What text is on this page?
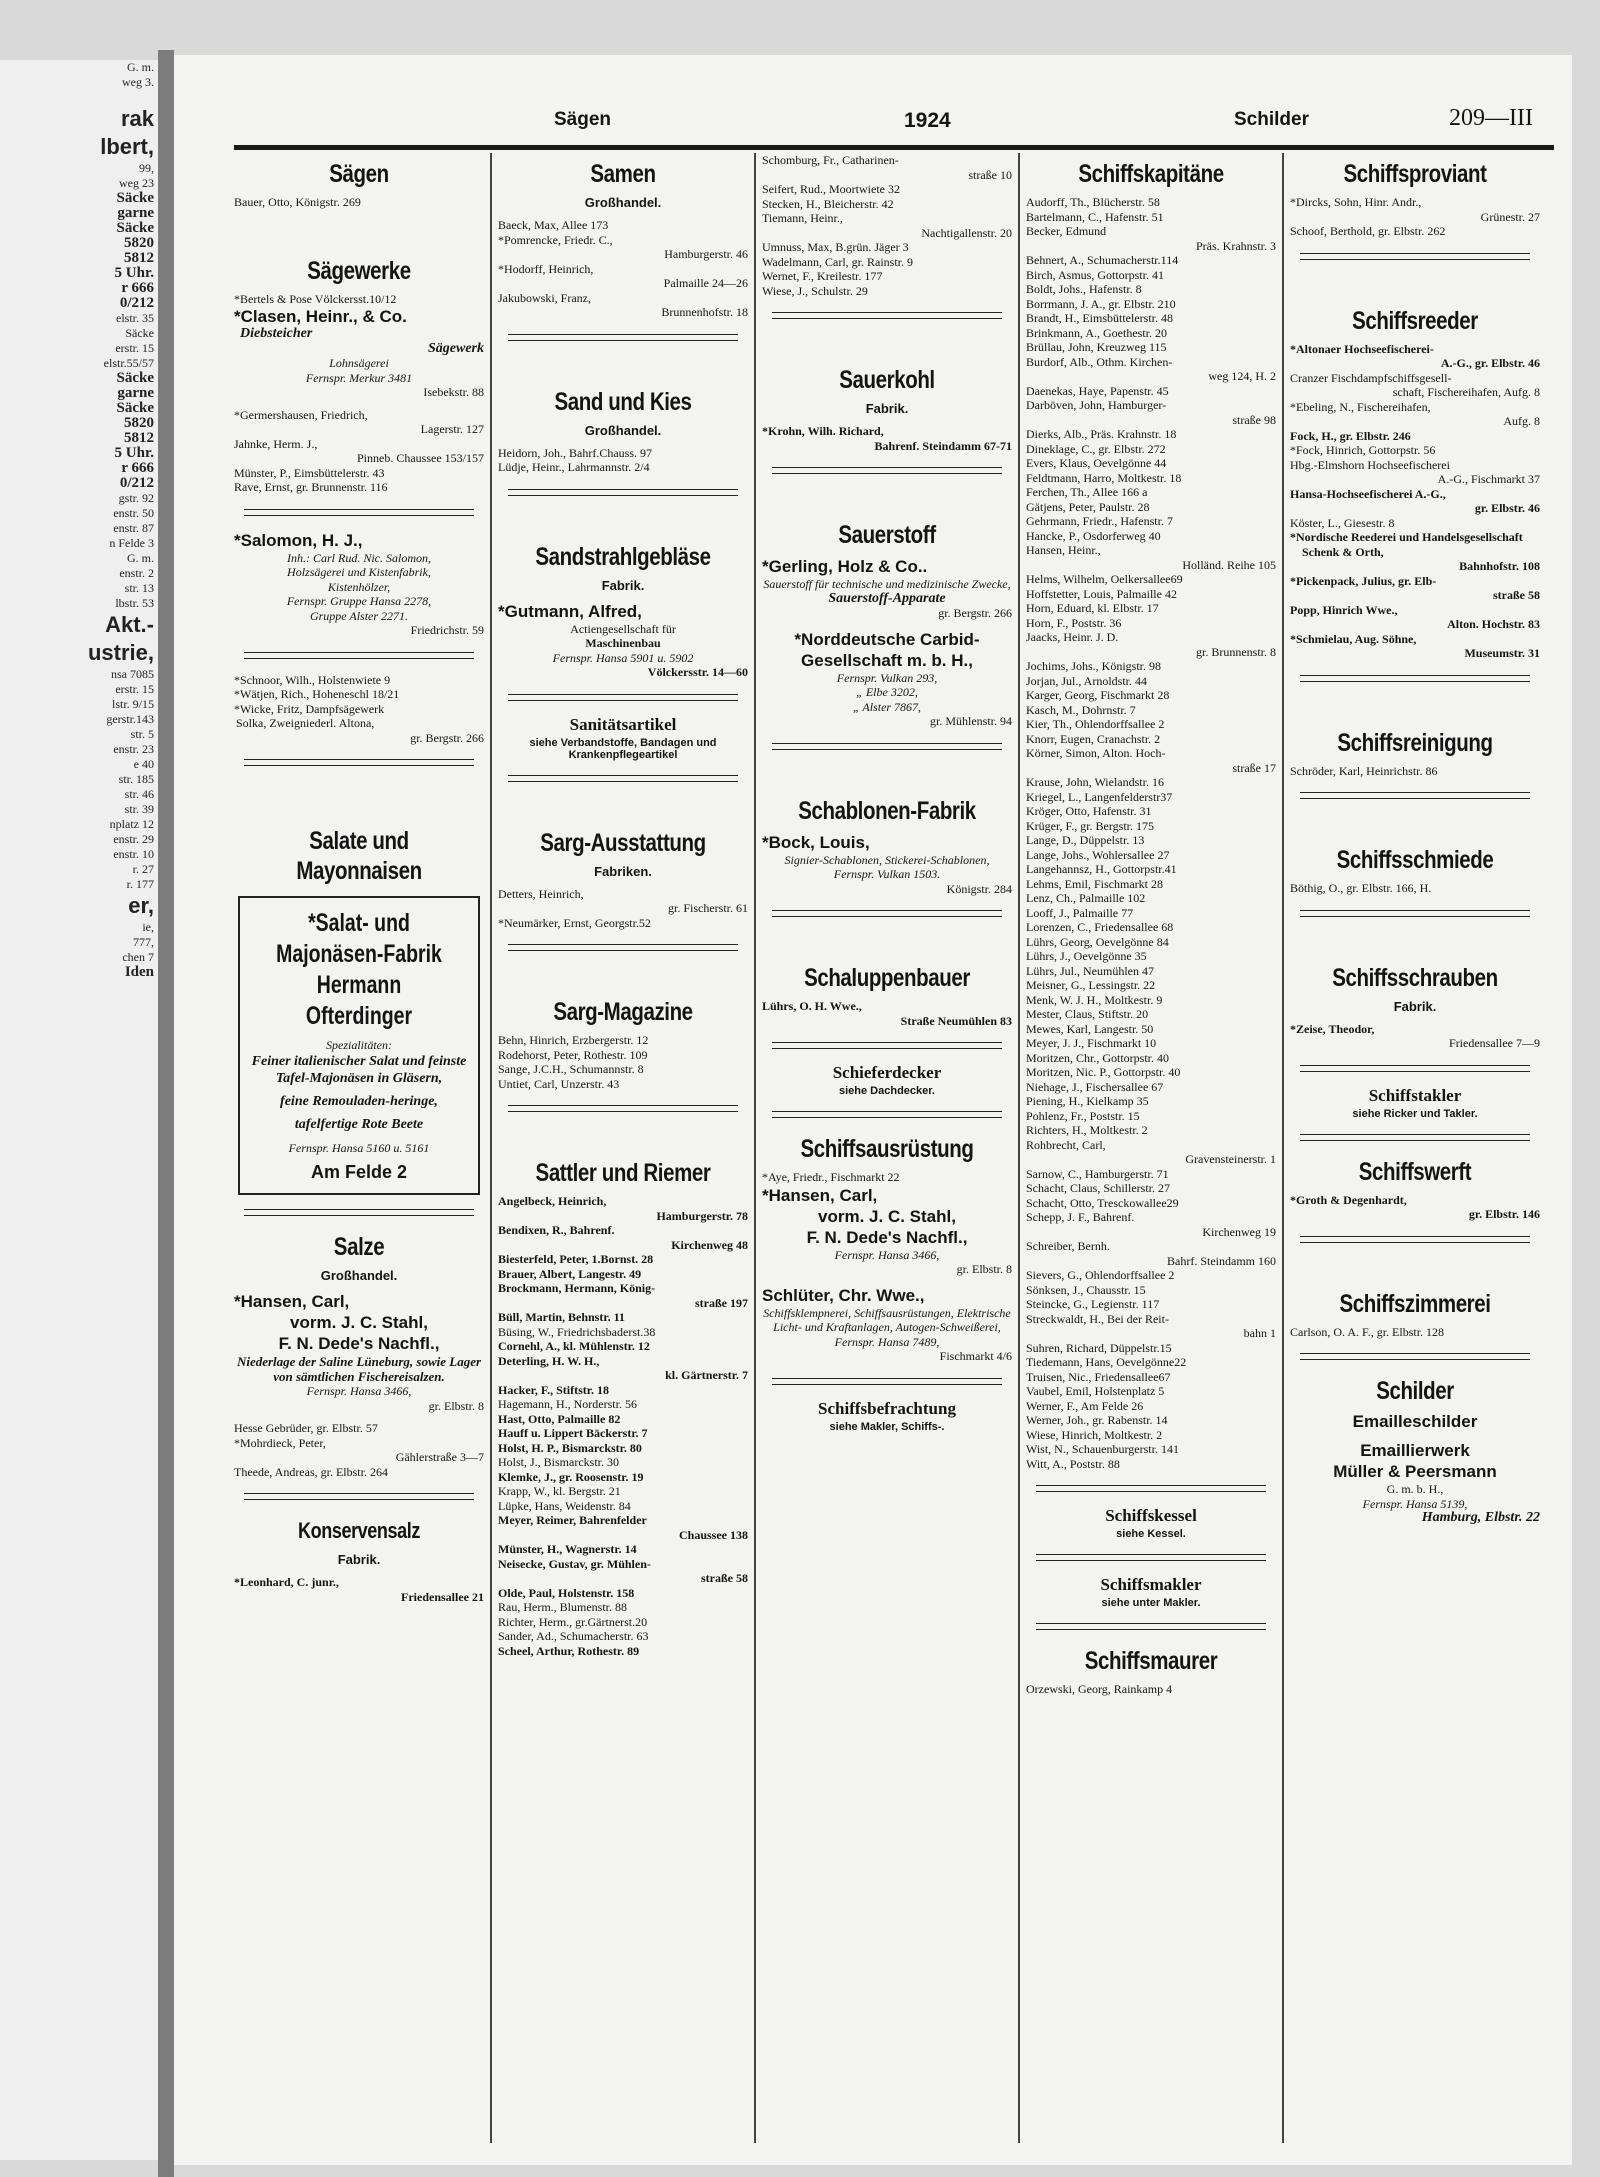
G. m.
weg 3.

rak
lbert,
99,
weg 23
Säcke
garne
Säcke
5820
5812
5 Uhr.
r 666
0/212
elstr. 35
Säcke
erstr. 15
elstr.55/57
Säcke
garne
Säcke
5820
5812
5 Uhr.
r 666
0/212
gstr. 92
enstr. 50
enstr. 87
n Felde 3
G. m.
enstr. 2
str. 13
lbstr. 53
Akt.-
ustrie,
nsa 7085
erstr. 15
lstr. 9/15
gerstr.143
str. 5
enstr. 23
e 40
str. 185
str. 46
str. 39
nplatz 12
enstr. 29
enstr. 10
r. 27
r. 177
er,
ie,
777,
chen 7
Iden
Sägen	1924	Schilder	209—III
Sägen
Bauer, Otto, Königstr. 269
Sägewerke
*Bertels & Pose Völckersst.10/12
*Clasen, Heinr., & Co.
Diebsteicher
Sägewerk
Lohnsägerei
Fernspr. Merkur 3481
Isebekstr. 88
*Germershausen, Friedrich,
Lagerstr. 127
Jahnke, Herm. J.,
Pinneb. Chaussee 153/157
Münster, P., Eimsbüttelerstr. 43
Rave, Ernst, gr. Brunnenstr. 116
*Salomon, H. J.,
Inh.: Carl Rud. Nic. Salomon,
Holzsägerei und Kistenfabrik,
Kistenhölzer,
Fernspr. Gruppe Hansa 2278,
Gruppe Alster 2271.
Friedrichstr. 59
*Schnoor, Wilh., Holstenwiete 9
*Wätjen, Rich., Hoheneschl 18/21
*Wicke, Fritz, Dampfsägewerk
Solka, Zweigniederl. Altona,
gr. Bergstr. 266
Salate und Mayonnaisen
*Salat- und
Majonäsen-Fabrik
Hermann Ofterdinger
Spezialitäten:
Feiner italienischer Salat und feinste Tafel-Majonäsen in Gläsern,
feine Remouladen-heringe,
tafelfertige Rote Beete
Fernspr. Hansa 5160 u. 5161
Am Felde 2
Salze
Großhandel.
*Hansen, Carl,
vorm. J. C. Stahl,
F. N. Dede's Nachfl.,
Niederlage der Saline Lüneburg, sowie Lager von sämtlichen Fischereisalzen.
Fernspr. Hansa 3466,
gr. Elbstr. 8
Hesse Gebrüder, gr. Elbstr. 57
*Mohrdieck, Peter,
Gählerstraße 3—7
Theede, Andreas, gr. Elbstr. 264
Konservensalz
Fabrik.
*Leonhard, C. junr.,
Friedensallee 21
Samen
Großhandel.
Baeck, Max, Allee 173
*Pomrencke, Friedr. C.,
Hamburgerstr. 46
*Hodorff, Heinrich,
Palmaille 24—26
Jakubowski, Franz,
Brunnenhofstr. 18
Sand und Kies
Großhandel.
Heidorn, Joh., Bahrf.Chauss. 97
Lüdje, Heinr., Lahrmannstr. 2/4
Sandstrahlgebläse
Fabrik.
*Gutmann, Alfred,
Actiengesellschaft für
Maschinenbau
Fernspr. Hansa 5901 u. 5902
Völckersstr. 14—60
Sanitätsartikel
siehe Verbandstoffe, Bandagen und Krankenpflegeartikel
Sarg-Ausstattung
Fabriken.
Detters, Heinrich,
gr. Fischerstr. 61
*Neumärker, Ernst, Georgstr.52
Sarg-Magazine
Behn, Hinrich, Erzbergerstr. 12
Rodehorst, Peter, Rothestr. 109
Sange, J.C.H., Schumannstr. 8
Untiet, Carl, Unzerstr. 43
Sattler und Riemer
Angelbeck, Heinrich,
Hamburgerstr. 78
Bendixen, R., Bahrenf.
Kirchenweg 48
Biesterfeld, Peter, 1.Bornst. 28
Brauer, Albert, Langestr. 49
Brockmann, Hermann, König-
straße 197
Büll, Martin, Behnstr. 11
Büsing, W., Friedrichsbaderst.38
Cornehl, A., kl. Mühlenstr. 12
Deterling, H. W. H.,
kl. Gärtnerstr. 7
Hacker, F., Stiftstr. 18
Hagemann, H., Norderstr. 56
Hast, Otto, Palmaille 82
Hauff u. Lippert Bäckerstr. 7
Holst, H. P., Bismarckstr. 80
Holst, J., Bismarckstr. 30
Klemke, J., gr. Roosenstr. 19
Krapp, W., kl. Bergstr. 21
Lüpke, Hans, Weidenstr. 84
Meyer, Reimer, Bahrenfelder
Chaussee 138
Münster, H., Wagnerstr. 14
Neisecke, Gustav, gr. Mühlen-
straße 58
Olde, Paul, Holstenstr. 158
Rau, Herm., Blumenstr. 88
Richter, Herm., gr.Gärtnerst.20
Sander, Ad., Schumacherstr. 63
Scheel, Arthur, Rothestr. 89
Schomburg, Fr., Catharinen-
straße 10
Seifert, Rud., Moortwiete 32
Stecken, H., Bleicherstr. 42
Tiemann, Heinr.,
Nachtigallenstr. 20
Umnuss, Max, B.grün. Jäger 3
Wadelmann, Carl, gr. Rainstr. 9
Wernet, F., Kreilestr. 177
Wiese, J., Schulstr. 29
Sauerkohl
Fabrik.
*Krohn, Wilh. Richard,
Bahrenf. Steindamm 67-71
Sauerstoff
*Gerling, Holz & Co..
Sauerstoff für technische und medizinische Zwecke,
Sauerstoff-Apparate
gr. Bergstr. 266
*Norddeutsche Carbid-Gesellschaft m. b. H.,
Fernspr. Vulkan 293,
„ Elbe 3202,
„ Alster 7867,
gr. Mühlenstr. 94
Schablonen-Fabrik
*Bock, Louis,
Signier-Schablonen, Stickerei-Schablonen,
Fernspr. Vulkan 1503.
Königstr. 284
Schaluppenbauer
Lührs, O. H. Wwe.,
Straße Neumühlen 83
Schieferdecker
siehe Dachdecker.
Schiffsausrüstung
*Aye, Friedr., Fischmarkt 22
*Hansen, Carl,
vorm. J. C. Stahl,
F. N. Dede's Nachfl.,
Fernspr. Hansa 3466,
gr. Elbstr. 8
Schlüter, Chr. Wwe.,
Schiffsklempnerei, Schiffsausrüstungen, Elektrische Licht- und Kraftanlagen, Autogen-Schweißerei,
Fernspr. Hansa 7489,
Fischmarkt 4/6
Schiffsbefrachtung
siehe Makler, Schiffs-.
Schiffskapitäne
Audorff, Th., Blücherstr. 58
Bartelmann, C., Hafenstr. 51
Becker, Edmund
Präs. Krahnstr. 3
Behnert, A., Schumacherstr.114
Birch, Asmus, Gottorpstr. 41
Boldt, Johs., Hafenstr. 8
Borrmann, J. A., gr. Elbstr. 210
Brandt, H., Eimsbüttelerstr. 48
Brinkmann, A., Goethestr. 20
Brüllau, John, Kreuzweg 115
Burdorf, Alb., Othm. Kirchen-
weg 124, H. 2
Daenekas, Haye, Papenstr. 45
Darböven, John, Hamburger-
straße 98
Dierks, Alb., Präs. Krahnstr. 18
Dineklage, C., gr. Elbstr. 272
Evers, Klaus, Oevelgönne 44
Feldtmann, Harro, Moltkestr. 18
Ferchen, Th., Allee 166 a
Gätjens, Peter, Paulstr. 28
Gehrmann, Friedr., Hafenstr. 7
Hancke, P., Osdorferweg 40
Hansen, Heinr.,
Holländ. Reihe 105
Helms, Wilhelm, Oelkersallee69
Hoffstetter, Louis, Palmaille 42
Horn, Eduard, kl. Elbstr. 17
Horn, F., Poststr. 36
Jaacks, Heinr. J. D.
gr. Brunnenstr. 8
Jochims, Johs., Königstr. 98
Jorjan, Jul., Arnoldstr. 44
Karger, Georg, Fischmarkt 28
Kasch, M., Dohrnstr. 7
Kier, Th., Ohlendorffsallee 2
Knorr, Eugen, Cranachstr. 2
Körner, Simon, Alton. Hoch-
straße 17
Krause, John, Wielandstr. 16
Kriegel, L., Langenfelderstr37
Kröger, Otto, Hafenstr. 31
Krüger, F., gr. Bergstr. 175
Lange, D., Düppelstr. 13
Lange, Johs., Wohlersallee 27
Langehannsz, H., Gottorpstr.41
Lehms, Emil, Fischmarkt 28
Lenz, Ch., Palmaille 102
Looff, J., Palmaille 77
Lorenzen, C., Friedensallee 68
Lührs, Georg, Oevelgönne 84
Lührs, J., Oevelgönne 35
Lührs, Jul., Neumühlen 47
Meisner, G., Lessingstr. 22
Menk, W. J. H., Moltkestr. 9
Mester, Claus, Stiftstr. 20
Mewes, Karl, Langestr. 50
Meyer, J. J., Fischmarkt 10
Moritzen, Chr., Gottorpstr. 40
Moritzen, Nic. P., Gottorpstr. 40
Niehage, J., Fischersallee 67
Piening, H., Kielkamp 35
Pohlenz, Fr., Poststr. 15
Richters, H., Moltkestr. 2
Rohbrecht, Carl,
Gravensteinerstr. 1
Sarnow, C., Hamburgerstr. 71
Schacht, Claus, Schillerstr. 27
Schacht, Otto, Tresckowallee29
Schepp, J. F., Bahrenf.
Kirchenweg 19
Schreiber, Bernh.
Bahrf. Steindamm 160
Sievers, G., Ohlendorffsallee 2
Sönksen, J., Chausstr. 15
Steincke, G., Legienstr. 117
Streckwaldt, H., Bei der Reit-
bahn 1
Suhren, Richard, Düppelstr.15
Tiedemann, Hans, Oevelgönne22
Truisen, Nic., Friedensallee67
Vaubel, Emil, Holstenplatz 5
Werner, F., Am Felde 26
Werner, Joh., gr. Rabenstr. 14
Wiese, Hinrich, Moltkestr. 2
Wist, N., Schauenburgerstr. 141
Witt, A., Poststr. 88
Schiffskessel
siehe Kessel.
Schiffsmakler
siehe unter Makler.
Schiffsmaurer
Orzewski, Georg, Rainkamp 4
Schiffsproviant
*Dircks, Sohn, Hinr. Andr.,
Grünestr. 27
Schoof, Berthold, gr. Elbstr. 262
Schiffsreeder
*Altonaer Hochseefischerei-
A.-G., gr. Elbstr. 46
Cranzer Fischdampfschiffsgesell-
schaft, Fischereihafen, Aufg. 8
*Ebeling, N., Fischereihafen,
Aufg. 8
Fock, H., gr. Elbstr. 246
*Fock, Hinrich, Gottorpstr. 56
Hbg.-Elmshorn Hochseefischerei
A.-G., Fischmarkt 37
Hansa-Hochseefischerei A.-G.,
gr. Elbstr. 46
Köster, L., Giesestr. 8
*Nordische Reederei und Handelsgesellschaft Schenk & Orth,
Bahnhofstr. 108
*Pickenpack, Julius, gr. Elb-
straße 58
Popp, Hinrich Wwe.,
Alton. Hochstr. 83
*Schmielau, Aug. Söhne,
Museumstr. 31
Schiffsreinigung
Schröder, Karl, Heinrichstr. 86
Schiffsschmiede
Böthig, O., gr. Elbstr. 166, H.
Schiffsschrauben
Fabrik.
*Zeise, Theodor,
Friedensallee 7—9
Schiffstakler
siehe Ricker und Takler.
Schiffswerft
*Groth & Degenhardt,
gr. Elbstr. 146
Schiffszimmerei
Carlson, O. A. F., gr. Elbstr. 128
Schilder
Emailleschilder
Emaillierwerk
Müller & Peersmann
G. m. b. H.,
Fernspr. Hansa 5139,
Hamburg, Elbstr. 22
